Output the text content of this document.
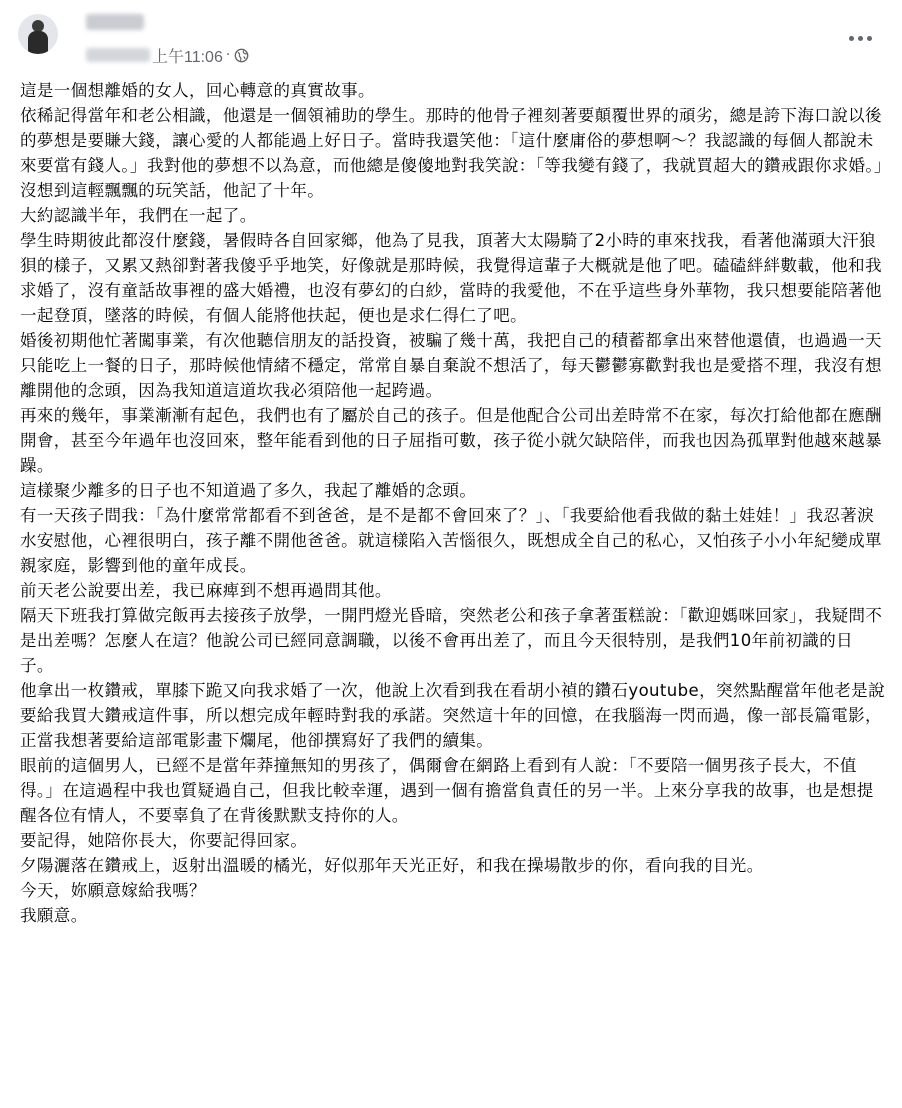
上午11:06 ·

這是一個想離婚的女人，回心轉意的真實故事。

依稀記得當年和老公相識，他還是一個領補助的學生。那時的他骨子裡刻著要顛覆世界的頑劣，總是誇下海口說以後的夢想是要賺大錢，讓心愛的人都能過上好日子。當時我還笑他：「這什麼庸俗的夢想啊～？我認識的每個人都說未來要當有錢人。」我對他的夢想不以為意，而他總是傻傻地對我笑說：「等我變有錢了，我就買超大的鑽戒跟你求婚。」

沒想到這輕飄飄的玩笑話，他記了十年。

大約認識半年，我們在一起了。

學生時期彼此都沒什麼錢，暑假時各自回家鄉，他為了見我，頂著大太陽騎了2小時的車來找我，看著他滿頭大汗狼狽的樣子，又累又熱卻對著我傻乎乎地笑，好像就是那時候，我覺得這輩子大概就是他了吧。磕磕絆絆數載，他和我求婚了，沒有童話故事裡的盛大婚禮，也沒有夢幻的白紗，當時的我愛他，不在乎這些身外華物，我只想要能陪著他一起登頂，墜落的時候，有個人能將他扶起，便也是求仁得仁了吧。

婚後初期他忙著闖事業，有次他聽信朋友的話投資，被騙了幾十萬，我把自己的積蓄都拿出來替他還債，也過過一天只能吃上一餐的日子，那時候他情緒不穩定，常常自暴自棄說不想活了，每天鬱鬱寡歡對我也是愛搭不理，我沒有想離開他的念頭，因為我知道這道坎我必須陪他一起跨過。

再來的幾年，事業漸漸有起色，我們也有了屬於自己的孩子。但是他配合公司出差時常不在家，每次打給他都在應酬開會，甚至今年過年也沒回來，整年能看到他的日子屈指可數，孩子從小就欠缺陪伴，而我也因為孤單對他越來越暴躁。

這樣聚少離多的日子也不知道過了多久，我起了離婚的念頭。

有一天孩子問我：「為什麼常常都看不到爸爸，是不是都不會回來了？」、「我要給他看我做的黏土娃娃！」我忍著淚水安慰他，心裡很明白，孩子離不開他爸爸。就這樣陷入苦惱很久，既想成全自己的私心，又怕孩子小小年紀變成單親家庭，影響到他的童年成長。

前天老公說要出差，我已麻痺到不想再過問其他。

隔天下班我打算做完飯再去接孩子放學，一開門燈光昏暗，突然老公和孩子拿著蛋糕說：「歡迎媽咪回家」，我疑問不是出差嗎？怎麼人在這？他說公司已經同意調職，以後不會再出差了，而且今天很特別，是我們10年前初識的日子。

他拿出一枚鑽戒，單膝下跪又向我求婚了一次，他說上次看到我在看胡小禎的鑽石youtube，突然點醒當年他老是說要給我買大鑽戒這件事，所以想完成年輕時對我的承諾。突然這十年的回憶，在我腦海一閃而過，像一部長篇電影，正當我想著要給這部電影畫下爛尾，他卻撰寫好了我們的續集。

眼前的這個男人，已經不是當年莽撞無知的男孩了，偶爾會在網路上看到有人說：「不要陪一個男孩子長大，不值得。」在這過程中我也質疑過自己，但我比較幸運，遇到一個有擔當負責任的另一半。上來分享我的故事，也是想提醒各位有情人，不要辜負了在背後默默支持你的人。

要記得，她陪你長大，你要記得回家。

夕陽灑落在鑽戒上，返射出溫暖的橘光，好似那年天光正好，和我在操場散步的你，看向我的目光。

今天，妳願意嫁給我嗎？

我願意。
